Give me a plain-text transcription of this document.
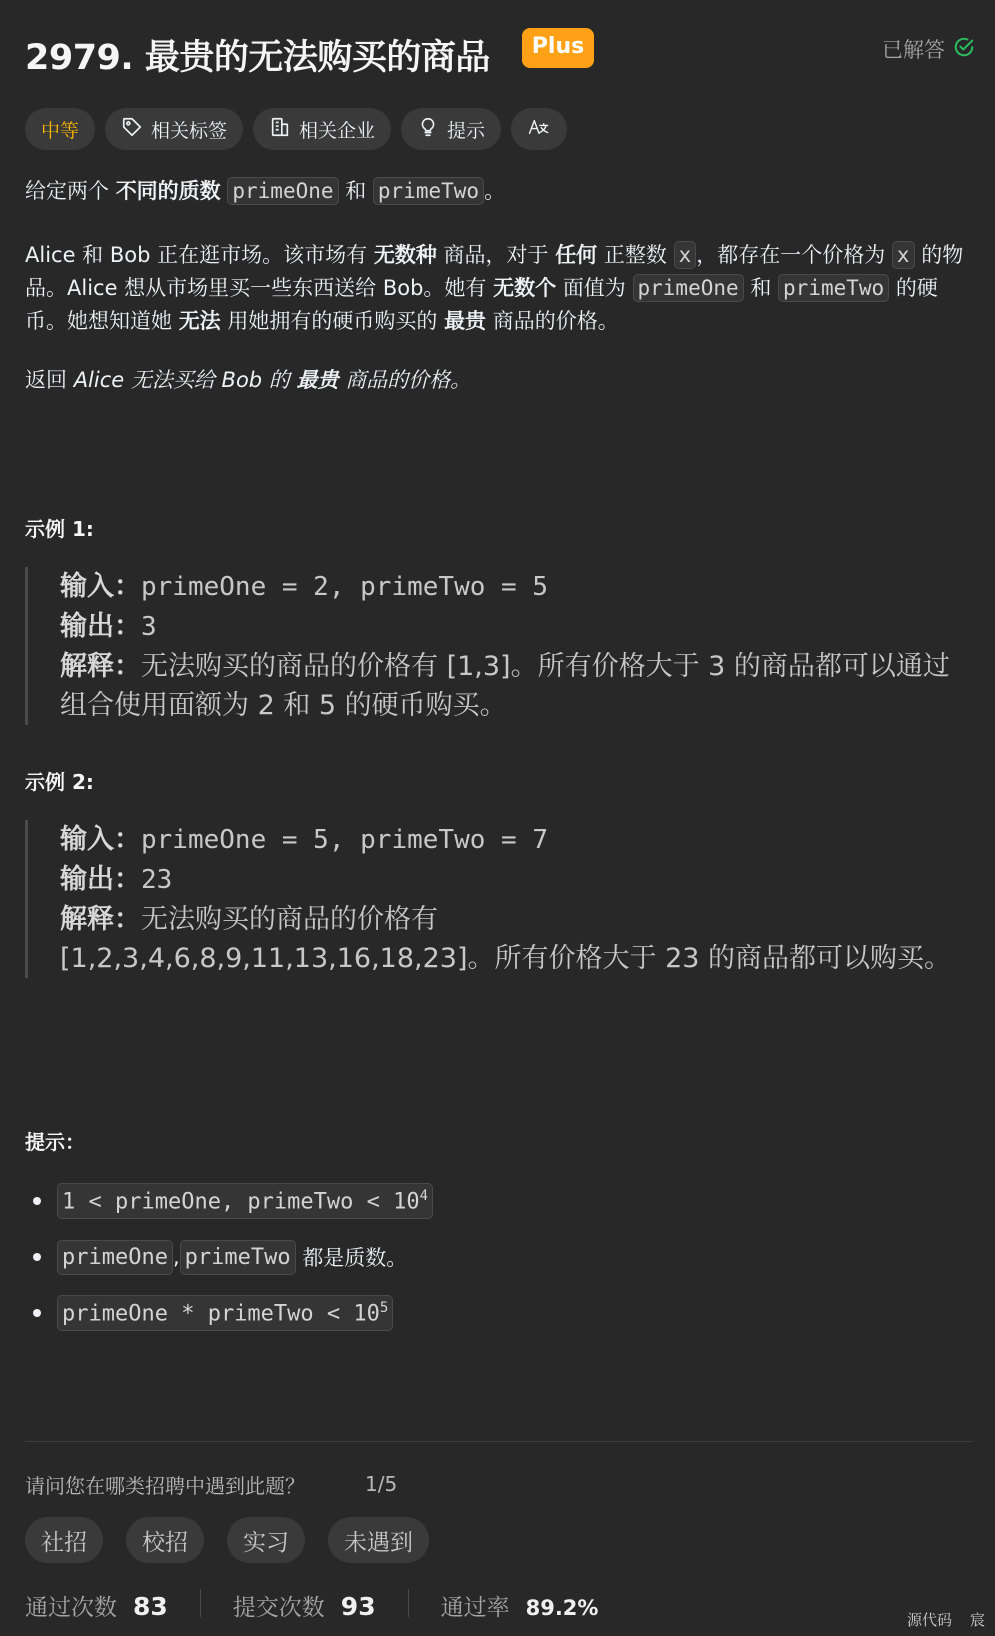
2979. 最贵的无法购买的商品	Plus	已解答
中等	相关标签	相关企业	提示
给定两个 不同的质数 primeOne 和 primeTwo 。
Alice 和 Bob 正在逛市场。该市场有 无数种 商品，对于 任何 正整数 x ，都存在一个价格为 x 的物品。Alice 想从市场里买一些东西送给 Bob。她有 无数个 面值为 primeOne 和 primeTwo 的硬币。她想知道她 无法 用她拥有的硬币购买的 最贵 商品的价格。
返回 Alice 无法买给 Bob 的 最贵 商品的价格。
示例 1:
输入：primeOne = 2, primeTwo = 5
输出：3
解释：无法购买的商品的价格有 [1,3]。所有价格大于 3 的商品都可以通过组合使用面额为 2 和 5 的硬币购买。
示例 2:
输入：primeOne = 5, primeTwo = 7
输出：23
解释：无法购买的商品的价格有
[1,2,3,4,6,8,9,11,13,16,18,23]。所有价格大于 23 的商品都可以购买。
提示：
1 < primeOne, primeTwo < $10^4$
primeOne , primeTwo
都是质数。
primeOne * primeTwo < $10^5$
请问您在哪类招聘中遇到此题？	1/5
社招	校招	实习	未遇到
通过次数 83	提交次数 93	通过率 89.2%	源代码 宸
